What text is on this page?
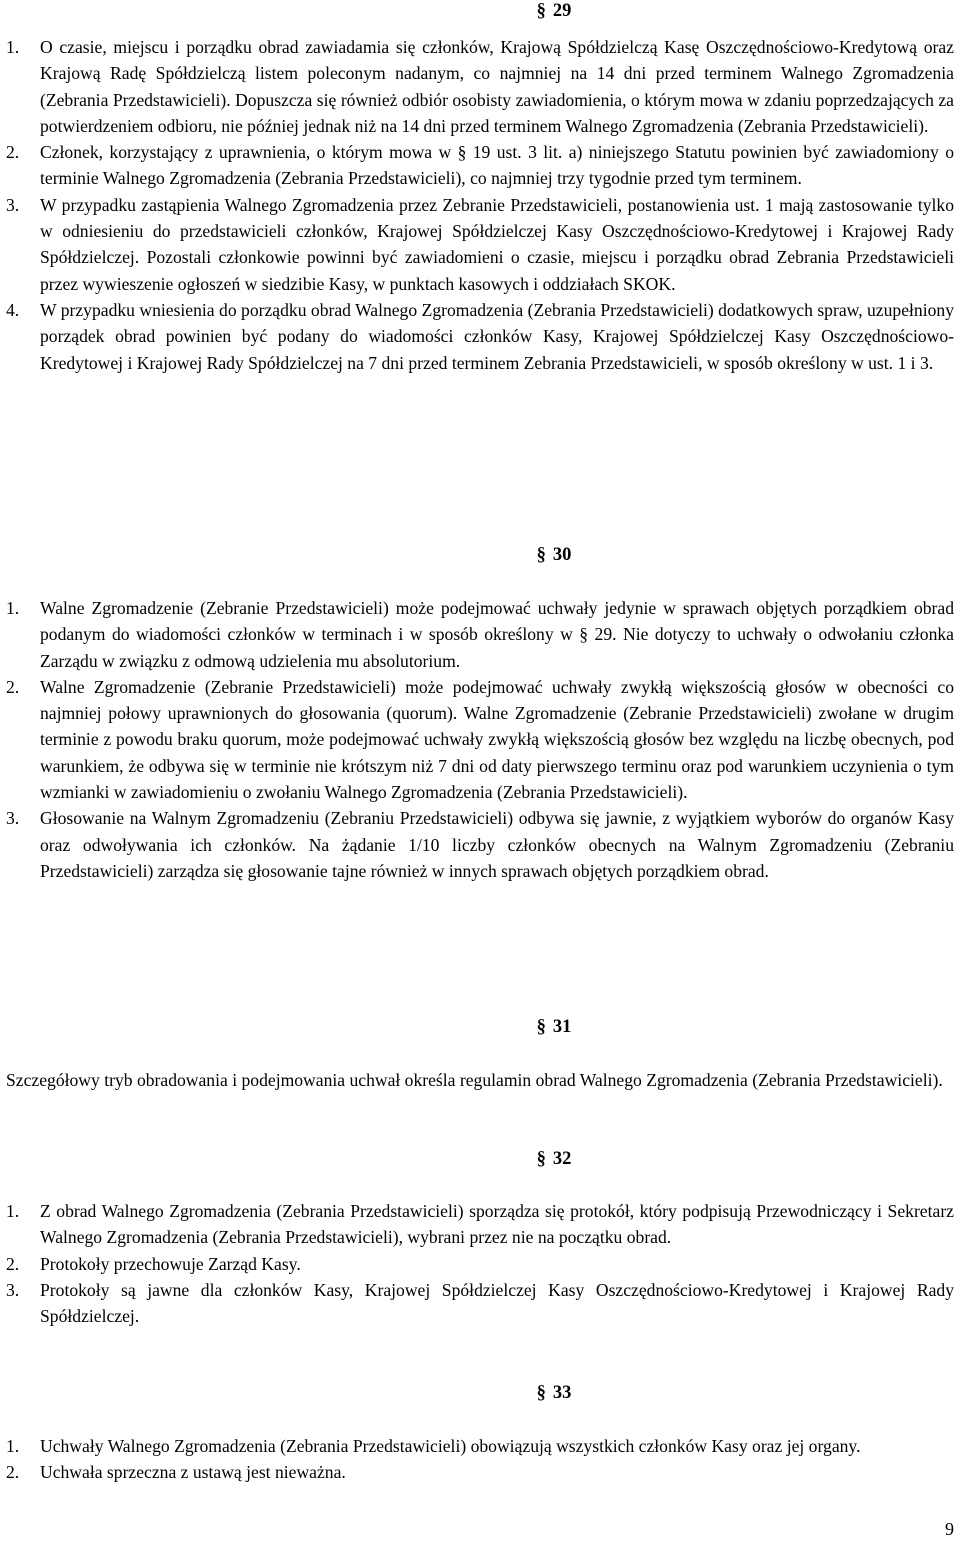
§ 29
1. O czasie, miejscu i porządku obrad zawiadamia się członków, Krajową Spółdzielczą Kasę Oszczędnościowo-Kredytową oraz Krajową Radę Spółdzielczą listem poleconym nadanym, co najmniej na 14 dni przed terminem Walnego Zgromadzenia (Zebrania Przedstawicieli). Dopuszcza się również odbiór osobisty zawiadomienia, o którym mowa w zdaniu poprzedzających za potwierdzeniem odbioru, nie później jednak niż na 14 dni przed terminem Walnego Zgromadzenia (Zebrania Przedstawicieli).
2. Członek, korzystający z uprawnienia, o którym mowa w § 19 ust. 3 lit. a) niniejszego Statutu powinien być zawiadomiony o terminie Walnego Zgromadzenia (Zebrania Przedstawicieli), co najmniej trzy tygodnie przed tym terminem.
3. W przypadku zastąpienia Walnego Zgromadzenia przez Zebranie Przedstawicieli, postanowienia ust. 1 mają zastosowanie tylko w odniesieniu do przedstawicieli członków, Krajowej Spółdzielczej Kasy Oszczędnościowo-Kredytowej i Krajowej Rady Spółdzielczej. Pozostali członkowie powinni być zawiadomieni o czasie, miejscu i porządku obrad Zebrania Przedstawicieli przez wywieszenie ogłoszeń w siedzibie Kasy, w punktach kasowych i oddziałach SKOK.
4. W przypadku wniesienia do porządku obrad Walnego Zgromadzenia (Zebrania Przedstawicieli) dodatkowych spraw, uzupełniony porządek obrad powinien być podany do wiadomości członków Kasy, Krajowej Spółdzielczej Kasy Oszczędnościowo-Kredytowej i Krajowej Rady Spółdzielczej na 7 dni przed terminem Zebrania Przedstawicieli, w sposób określony w ust. 1 i 3.
§ 30
1. Walne Zgromadzenie (Zebranie Przedstawicieli) może podejmować uchwały jedynie w sprawach objętych porządkiem obrad podanym do wiadomości członków w terminach i w sposób określony w § 29. Nie dotyczy to uchwały o odwołaniu członka Zarządu w związku z odmową udzielenia mu absolutorium.
2. Walne Zgromadzenie (Zebranie Przedstawicieli) może podejmować uchwały zwykłą większością głosów w obecności co najmniej połowy uprawnionych do głosowania (quorum). Walne Zgromadzenie (Zebranie Przedstawicieli) zwołane w drugim terminie z powodu braku quorum, może podejmować uchwały zwykłą większością głosów bez względu na liczbę obecnych, pod warunkiem, że odbywa się w terminie nie krótszym niż 7 dni od daty pierwszego terminu oraz pod warunkiem uczynienia o tym wzmianki w zawiadomieniu o zwołaniu Walnego Zgromadzenia (Zebrania Przedstawicieli).
3. Głosowanie na Walnym Zgromadzeniu (Zebraniu Przedstawicieli) odbywa się jawnie, z wyjątkiem wyborów do organów Kasy oraz odwoływania ich członków. Na żądanie 1/10 liczby członków obecnych na Walnym Zgromadzeniu (Zebraniu Przedstawicieli) zarządza się głosowanie tajne również w innych sprawach objętych porządkiem obrad.
§ 31

Szczegółowy tryb obradowania i podejmowania uchwał określa regulamin obrad Walnego Zgromadzenia (Zebrania Przedstawicieli).

§ 32
1. Z obrad Walnego Zgromadzenia (Zebrania Przedstawicieli) sporządza się protokół, który podpisują Przewodniczący i Sekretarz Walnego Zgromadzenia (Zebrania Przedstawicieli), wybrani przez nie na początku obrad.
2. Protokoły przechowuje Zarząd Kasy.
3. Protokoły są jawne dla członków Kasy, Krajowej Spółdzielczej Kasy Oszczędnościowo-Kredytowej i Krajowej Rady Spółdzielczej.
§ 33
1. Uchwały Walnego Zgromadzenia (Zebrania Przedstawicieli) obowiązują wszystkich członków Kasy oraz jej organy.
2. Uchwała sprzeczna z ustawą jest nieważna.
9
